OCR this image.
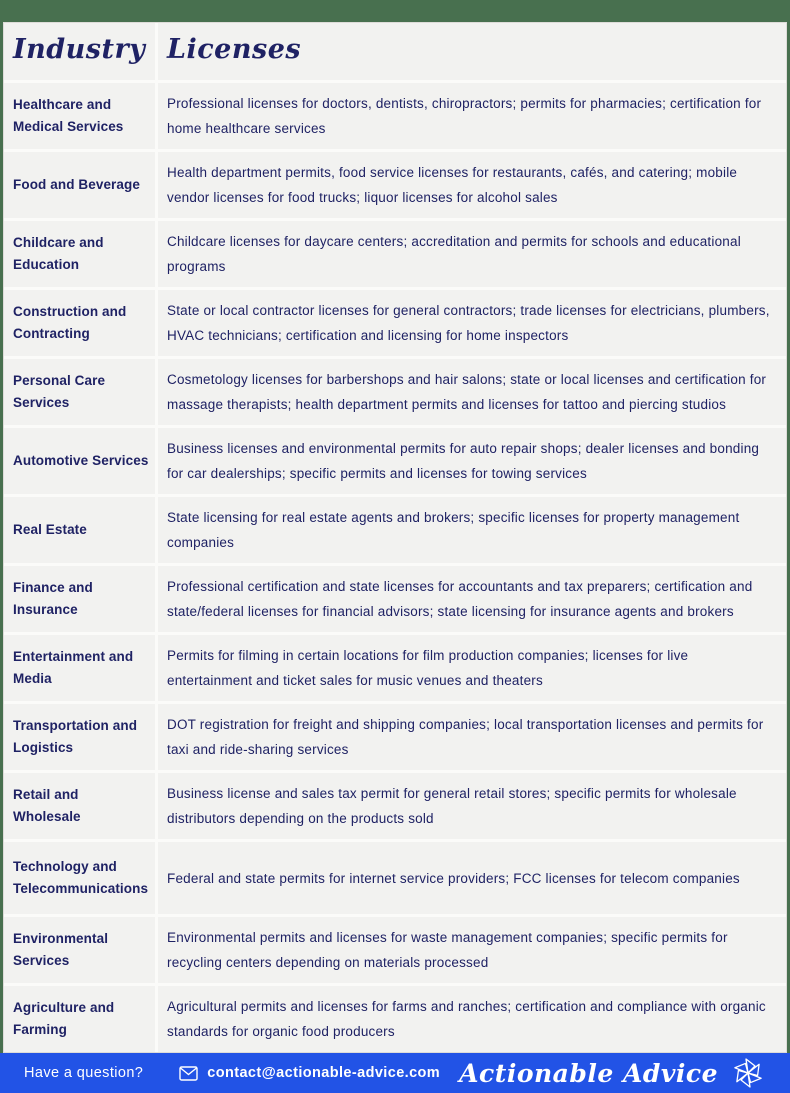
Industry Licenses
Healthcare and Medical Services
Professional licenses for doctors, dentists, chiropractors; permits for pharmacies; certification for home healthcare services
Food and Beverage
Health department permits, food service licenses for restaurants, cafés, and catering; mobile vendor licenses for food trucks; liquor licenses for alcohol sales
Childcare and Education
Childcare licenses for daycare centers; accreditation and permits for schools and educational programs
Construction and Contracting
State or local contractor licenses for general contractors; trade licenses for electricians, plumbers, HVAC technicians; certification and licensing for home inspectors
Personal Care Services
Cosmetology licenses for barbershops and hair salons; state or local licenses and certification for massage therapists; health department permits and licenses for tattoo and piercing studios
Automotive Services
Business licenses and environmental permits for auto repair shops; dealer licenses and bonding for car dealerships; specific permits and licenses for towing services
Real Estate
State licensing for real estate agents and brokers; specific licenses for property management companies
Finance and Insurance
Professional certification and state licenses for accountants and tax preparers; certification and state/federal licenses for financial advisors; state licensing for insurance agents and brokers
Entertainment and Media
Permits for filming in certain locations for film production companies; licenses for live entertainment and ticket sales for music venues and theaters
Transportation and Logistics
DOT registration for freight and shipping companies; local transportation licenses and permits for taxi and ride-sharing services
Retail and Wholesale
Business license and sales tax permit for general retail stores; specific permits for wholesale distributors depending on the products sold
Technology and Telecommunications
Federal and state permits for internet service providers; FCC licenses for telecom companies
Environmental Services
Environmental permits and licenses for waste management companies; specific permits for recycling centers depending on materials processed
Agriculture and Farming
Agricultural permits and licenses for farms and ranches; certification and compliance with organic standards for organic food producers
Have a question?	contact@actionable-advice.com Actionable Advice
